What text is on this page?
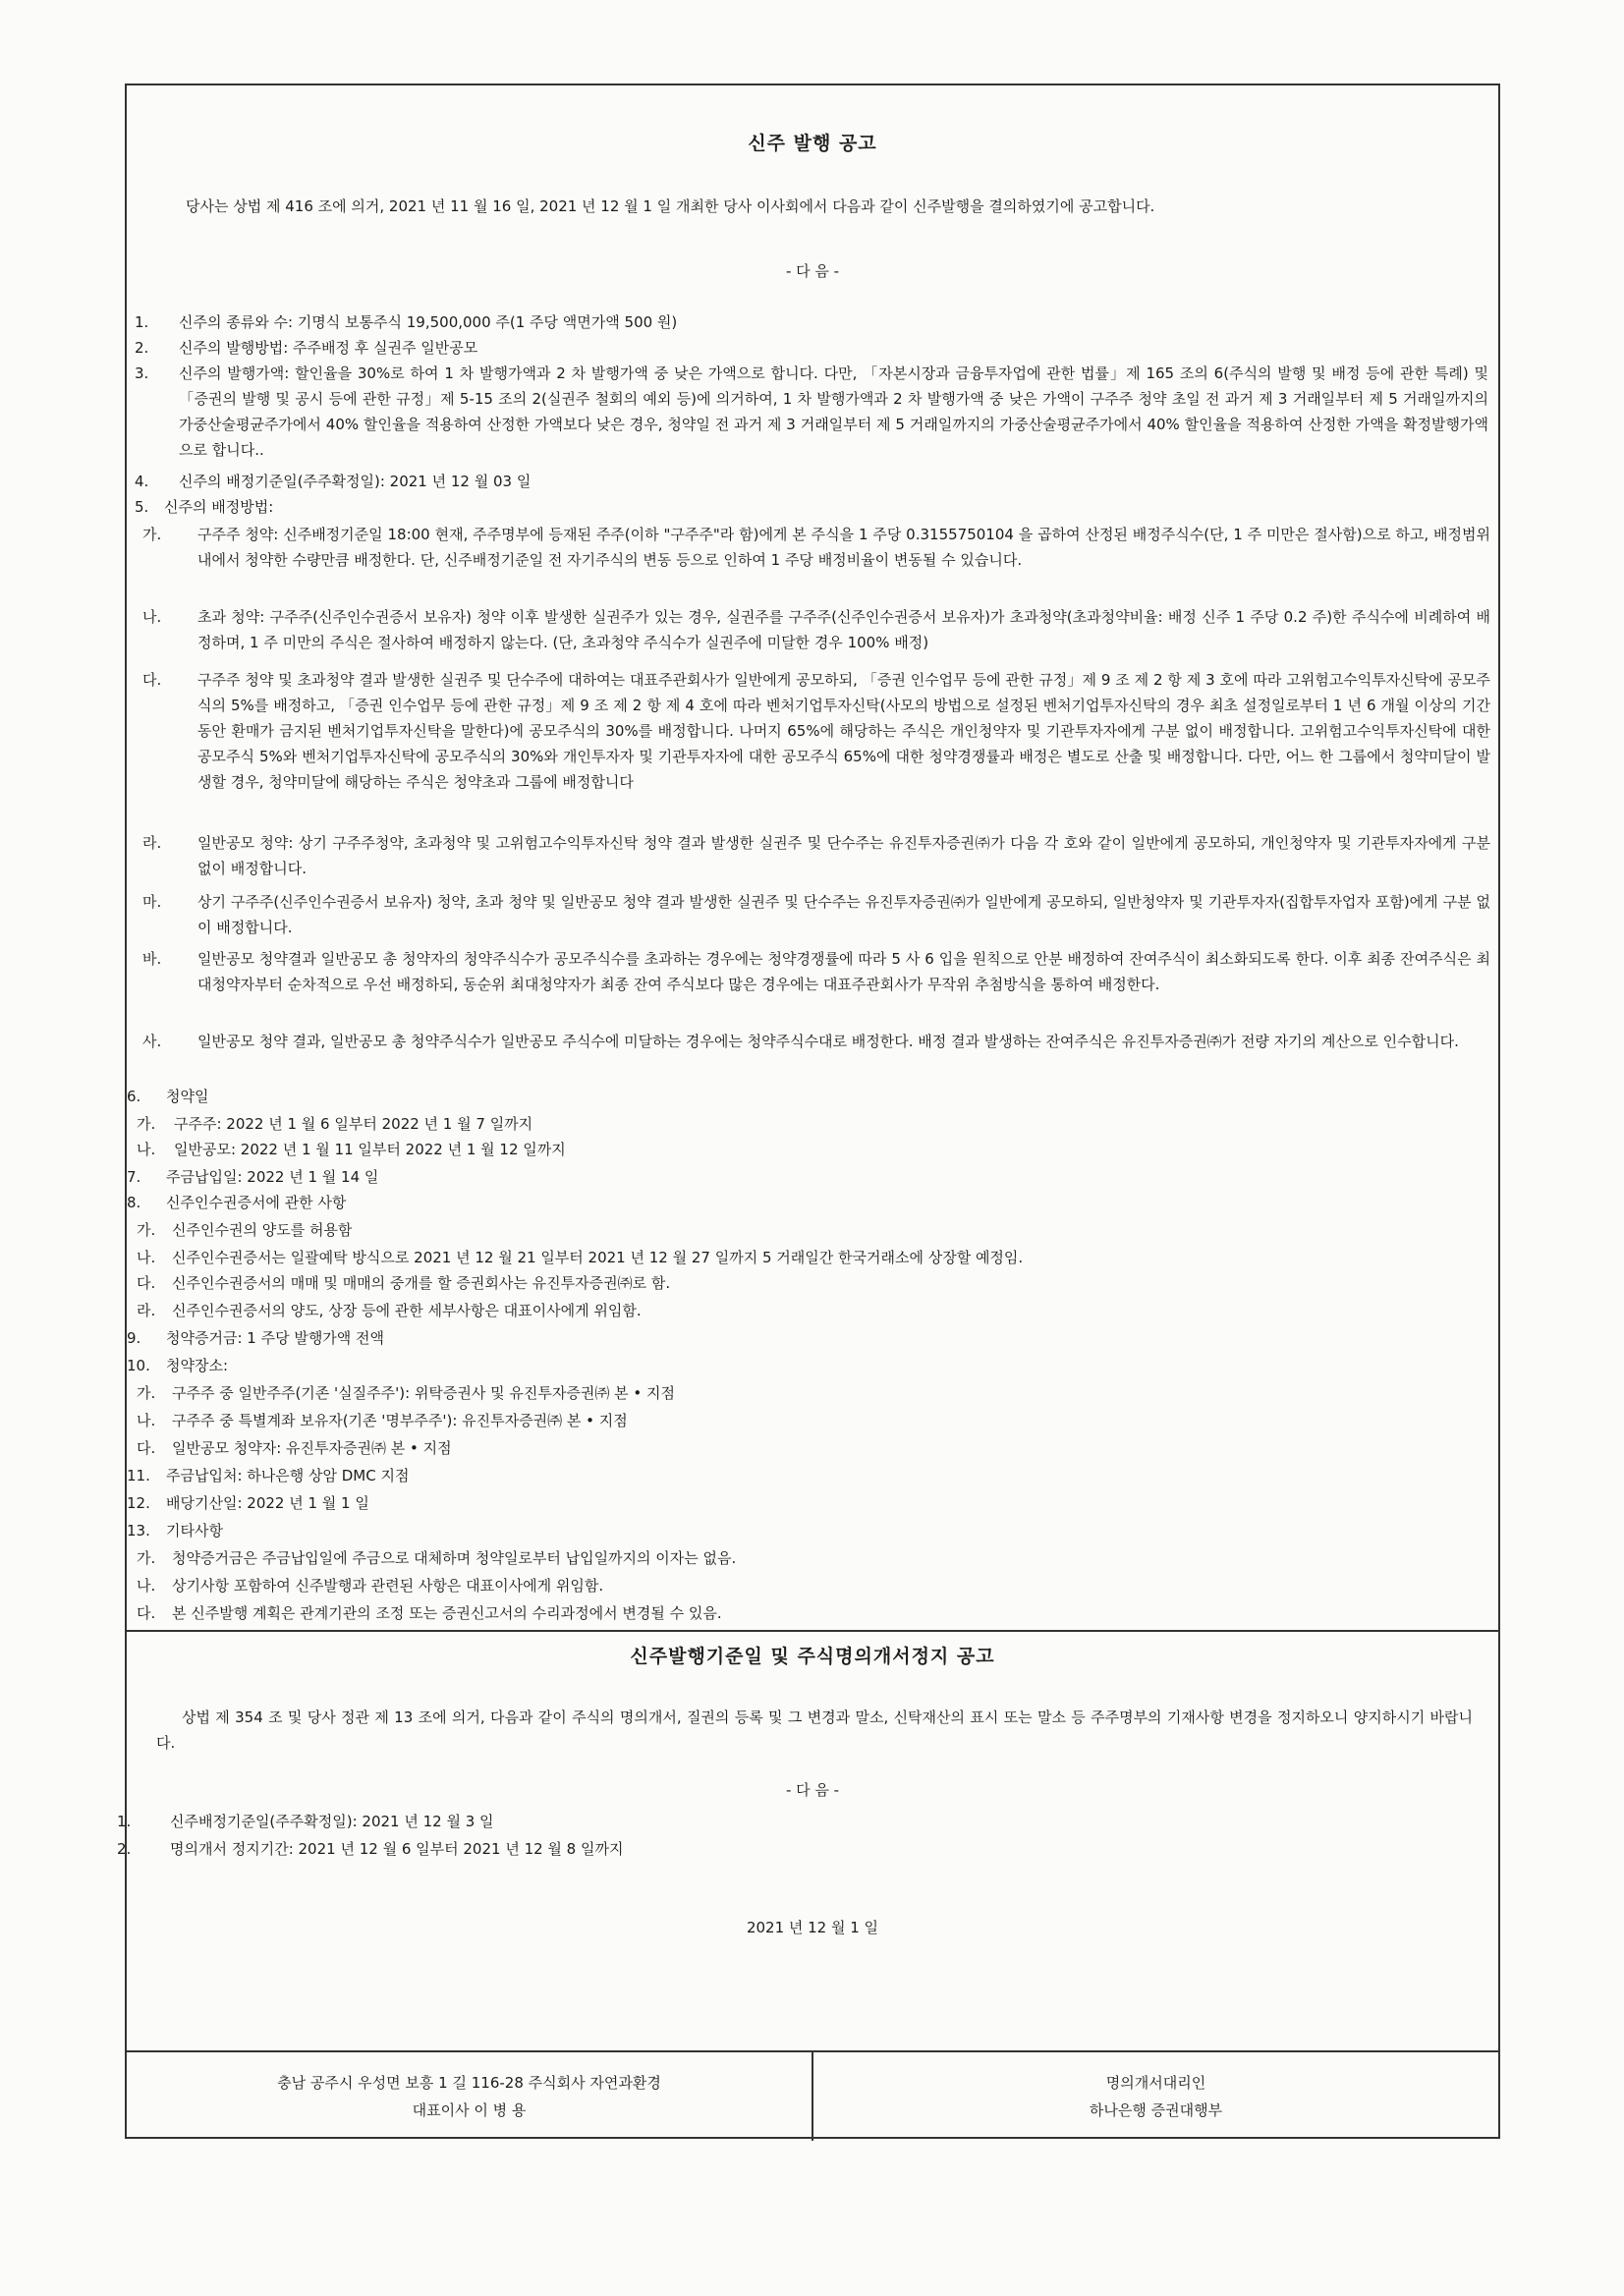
신주 발행 공고
당사는 상법 제 416 조에 의거, 2021 년 11 월 16 일, 2021 년 12 월 1 일 개최한 당사 이사회에서 다음과 같이 신주발행을 결의하였기에 공고합니다.
- 다 음 -
1.	신주의 종류와 수: 기명식 보통주식 19,500,000 주(1 주당 액면가액 500 원)
2.	신주의 발행방법: 주주배정 후 실권주 일반공모
3.	신주의 발행가액: 할인율을 30%로 하여 1 차 발행가액과 2 차 발행가액 중 낮은 가액으로 합니다. 다만, 「자본시장과 금융투자업에 관한 법률」제 165 조의 6(주식의 발행 및 배정 등에 관한 특례) 및 「증권의 발행 및 공시 등에 관한 규정」제 5-15 조의 2(실권주 철회의 예외 등)에 의거하여, 1 차 발행가액과 2 차 발행가액 중 낮은 가액이 구주주 청약 초일 전 과거 제 3 거래일부터 제 5 거래일까지의 가중산술평균주가에서 40% 할인율을 적용하여 산정한 가액보다 낮은 경우, 청약일 전 과거 제 3 거래일부터 제 5 거래일까지의 가중산술평균주가에서 40% 할인율을 적용하여 산정한 가액을 확정발행가액으로 합니다..
4.	신주의 배정기준일(주주확정일): 2021 년 12 월 03 일
5.	신주의 배정방법:
가.	구주주 청약: 신주배정기준일 18:00 현재, 주주명부에 등재된 주주(이하 "구주주"라 함)에게 본 주식을 1 주당 0.3155750104 을 곱하여 산정된 배정주식수(단, 1 주 미만은 절사함)으로 하고, 배정범위 내에서 청약한 수량만큼 배정한다. 단, 신주배정기준일 전 자기주식의 변동 등으로 인하여 1 주당 배정비율이 변동될 수 있습니다.
나.	초과 청약: 구주주(신주인수권증서 보유자) 청약 이후 발생한 실권주가 있는 경우, 실권주를 구주주(신주인수권증서 보유자)가 초과청약(초과청약비율: 배정 신주 1 주당 0.2 주)한 주식수에 비례하여 배정하며, 1 주 미만의 주식은 절사하여 배정하지 않는다. (단, 초과청약 주식수가 실권주에 미달한 경우 100% 배정)
다.	구주주 청약 및 초과청약 결과 발생한 실권주 및 단수주에 대하여는 대표주관회사가 일반에게 공모하되, 「증권 인수업무 등에 관한 규정」제 9 조 제 2 항 제 3 호에 따라 고위험고수익투자신탁에 공모주식의 5%를 배정하고, 「증권 인수업무 등에 관한 규정」제 9 조 제 2 항 제 4 호에 따라 벤처기업투자신탁(사모의 방법으로 설정된 벤처기업투자신탁의 경우 최초 설정일로부터 1 년 6 개월 이상의 기간 동안 환매가 금지된 벤처기업투자신탁을 말한다)에 공모주식의 30%를 배정합니다. 나머지 65%에 해당하는 주식은 개인청약자 및 기관투자자에게 구분 없이 배정합니다. 고위험고수익투자신탁에 대한 공모주식 5%와 벤처기업투자신탁에 공모주식의 30%와 개인투자자 및 기관투자자에 대한 공모주식 65%에 대한 청약경쟁률과 배정은 별도로 산출 및 배정합니다. 다만, 어느 한 그룹에서 청약미달이 발생할 경우, 청약미달에 해당하는 주식은 청약초과 그룹에 배정합니다
라.	일반공모 청약: 상기 구주주청약, 초과청약 및 고위험고수익투자신탁 청약 결과 발생한 실권주 및 단수주는 유진투자증권㈜가 다음 각 호와 같이 일반에게 공모하되, 개인청약자 및 기관투자자에게 구분 없이 배정합니다.
마.	상기 구주주(신주인수권증서 보유자) 청약, 초과 청약 및 일반공모 청약 결과 발생한 실권주 및 단수주는 유진투자증권㈜가 일반에게 공모하되, 일반청약자 및 기관투자자(집합투자업자 포함)에게 구분 없이 배정합니다.
바.	일반공모 청약결과 일반공모 총 청약자의 청약주식수가 공모주식수를 초과하는 경우에는 청약경쟁률에 따라 5 사 6 입을 원칙으로 안분 배정하여 잔여주식이 최소화되도록 한다. 이후 최종 잔여주식은 최대청약자부터 순차적으로 우선 배정하되, 동순위 최대청약자가 최종 잔여 주식보다 많은 경우에는 대표주관회사가 무작위 추첨방식을 통하여 배정한다.
사.	일반공모 청약 결과, 일반공모 총 청약주식수가 일반공모 주식수에 미달하는 경우에는 청약주식수대로 배정한다. 배정 결과 발생하는 잔여주식은 유진투자증권㈜가 전량 자기의 계산으로 인수합니다.
6.	청약일
가.	구주주: 2022 년 1 월 6 일부터 2022 년 1 월 7 일까지
나.	일반공모: 2022 년 1 월 11 일부터 2022 년 1 월 12 일까지
7.	주금납입일: 2022 년 1 월 14 일
8.	신주인수권증서에 관한 사항
가.	신주인수권의 양도를 허용함
나.	신주인수권증서는 일괄예탁 방식으로 2021 년 12 월 21 일부터 2021 년 12 월 27 일까지 5 거래일간 한국거래소에 상장할 예정임.
다.	신주인수권증서의 매매 및 매매의 중개를 할 증권회사는 유진투자증권㈜로 함.
라.	신주인수권증서의 양도, 상장 등에 관한 세부사항은 대표이사에게 위임함.
9.	청약증거금: 1 주당 발행가액 전액
10.	청약장소:
가.	구주주 중 일반주주(기존 '실질주주'): 위탁증권사 및 유진투자증권㈜ 본 • 지점
나.	구주주 중 특별계좌 보유자(기존 '명부주주'): 유진투자증권㈜ 본 • 지점
다.	일반공모 청약자: 유진투자증권㈜ 본 • 지점
11.	주금납입처: 하나은행 상암 DMC 지점
12.	배당기산일: 2022 년 1 월 1 일
13.	기타사항
가.	청약증거금은 주금납입일에 주금으로 대체하며 청약일로부터 납입일까지의 이자는 없음.
나.	상기사항 포함하여 신주발행과 관련된 사항은 대표이사에게 위임함.
다.	본 신주발행 계획은 관계기관의 조정 또는 증권신고서의 수리과정에서 변경될 수 있음.
신주발행기준일 및 주식명의개서정지 공고
상법 제 354 조 및 당사 정관 제 13 조에 의거, 다음과 같이 주식의 명의개서, 질권의 등록 및 그 변경과 말소, 신탁재산의 표시 또는 말소 등 주주명부의 기재사항 변경을 정지하오니 양지하시기 바랍니다.
- 다 음 -
1.	신주배정기준일(주주확정일): 2021 년 12 월 3 일
2.	명의개서 정지기간: 2021 년 12 월 6 일부터 2021 년 12 월 8 일까지
2021 년 12 월 1 일
충남 공주시 우성면 보흥 1 길 116-28 주식회사 자연과환경
대표이사 이 병 용
명의개서대리인
하나은행 증권대행부
